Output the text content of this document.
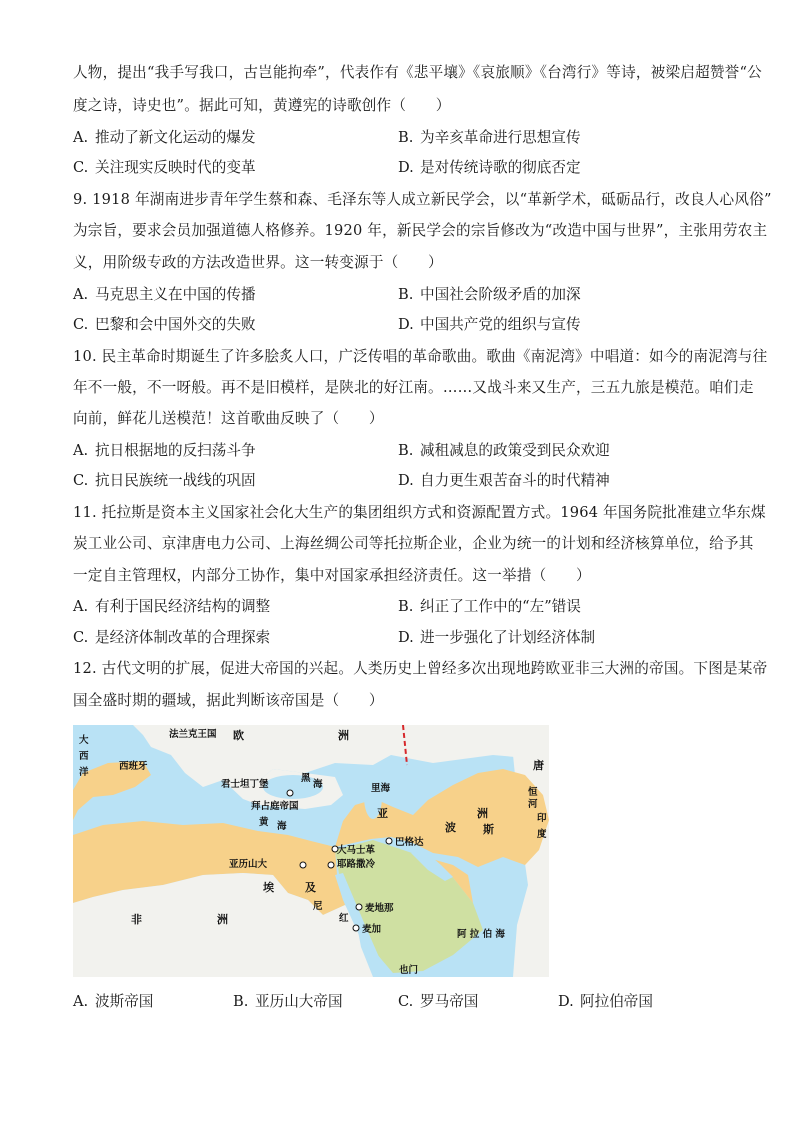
人物，提出“我手写我口，古岂能拘牵”，代表作有《悲平壤》《哀旅顺》《台湾行》等诗，被梁启超赞誉“公
度之诗，诗史也”。据此可知，黄遵宪的诗歌创作（　　）
A. 推动了新文化运动的爆发	B. 为辛亥革命进行思想宣传
C. 关注现实反映时代的变革	D. 是对传统诗歌的彻底否定
9. 1918 年湖南进步青年学生蔡和森、毛泽东等人成立新民学会，以“革新学术，砥砺品行，改良人心风俗”
为宗旨，要求会员加强道德人格修养。1920 年，新民学会的宗旨修改为“改造中国与世界”，主张用劳农主
义，用阶级专政的方法改造世界。这一转变源于（　　）
A. 马克思主义在中国的传播	B. 中国社会阶级矛盾的加深
C. 巴黎和会中国外交的失败	D. 中国共产党的组织与宣传
10. 民主革命时期诞生了许多脍炙人口，广泛传唱的革命歌曲。歌曲《南泥湾》中唱道：如今的南泥湾与往
年不一般，不一呀般。再不是旧模样，是陕北的好江南。……又战斗来又生产，三五九旅是模范。咱们走
向前，鲜花儿送模范！这首歌曲反映了（　　）
A. 抗日根据地的反扫荡斗争	B. 减租减息的政策受到民众欢迎
C. 抗日民族统一战线的巩固	D. 自力更生艰苦奋斗的时代精神
11. 托拉斯是资本主义国家社会化大生产的集团组织方式和资源配置方式。1964 年国务院批准建立华东煤
炭工业公司、京津唐电力公司、上海丝绸公司等托拉斯企业，企业为统一的计划和经济核算单位，给予其
一定自主管理权，内部分工协作，集中对国家承担经济责任。这一举措（　　）
A. 有利于国民经济结构的调整	B. 纠正了工作中的“左”错误
C. 是经济体制改革的合理探索	D. 进一步强化了计划经济体制
12. 古代文明的扩展，促进大帝国的兴起。人类历史上曾经多次出现地跨欧亚非三大洲的帝国。下图是某帝
国全盛时期的疆域，据此判断该帝国是（　　）
法兰克王国 欧	洲
大
西
洋
西班牙	唐
君士坦丁堡
拜占庭帝国
黑
海	里海
黄 海
亚	洲
波 斯
巴格达
大马士革
亚历山大	耶路撒冷
埃	及
尼
红
麦地那
麦加
非	洲
阿 拉 伯 海
也门
印
度
恒
河
A. 波斯帝国	B. 亚历山大帝国	C. 罗马帝国	D. 阿拉伯帝国
